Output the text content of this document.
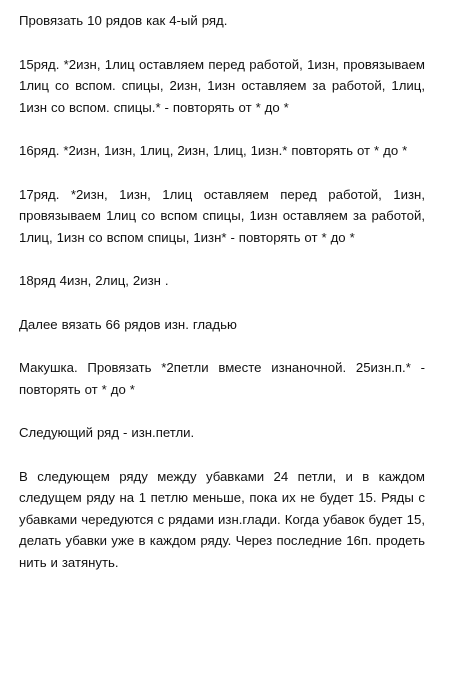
Провязать 10 рядов как 4-ый ряд.

15ряд. *2изн, 1лиц оставляем перед работой, 1изн, провязываем 1лиц со вспом. спицы, 2изн, 1изн оставляем за работой, 1лиц, 1изн со вспом. спицы.* - повторять от * до *

16ряд. *2изн, 1изн, 1лиц, 2изн, 1лиц, 1изн.* повторять от * до *

17ряд. *2изн, 1изн, 1лиц оставляем перед работой, 1изн, провязываем 1лиц со вспом спицы, 1изн оставляем за работой, 1лиц, 1изн со вспом спицы, 1изн* - повторять от * до *

18ряд 4изн, 2лиц, 2изн .

Далее вязать 66 рядов изн. гладью

Макушка. Провязать *2петли вместе изнаночной. 25изн.п.* - повторять от * до *

Следующий ряд - изн.петли.

В следующем ряду между убавками 24 петли, и в каждом следущем ряду на 1 петлю меньше, пока их не будет 15. Ряды с убавками чередуются с рядами изн.глади. Когда убавок будет 15, делать убавки уже в каждом ряду. Через последние 16п. продеть нить и затянуть.
